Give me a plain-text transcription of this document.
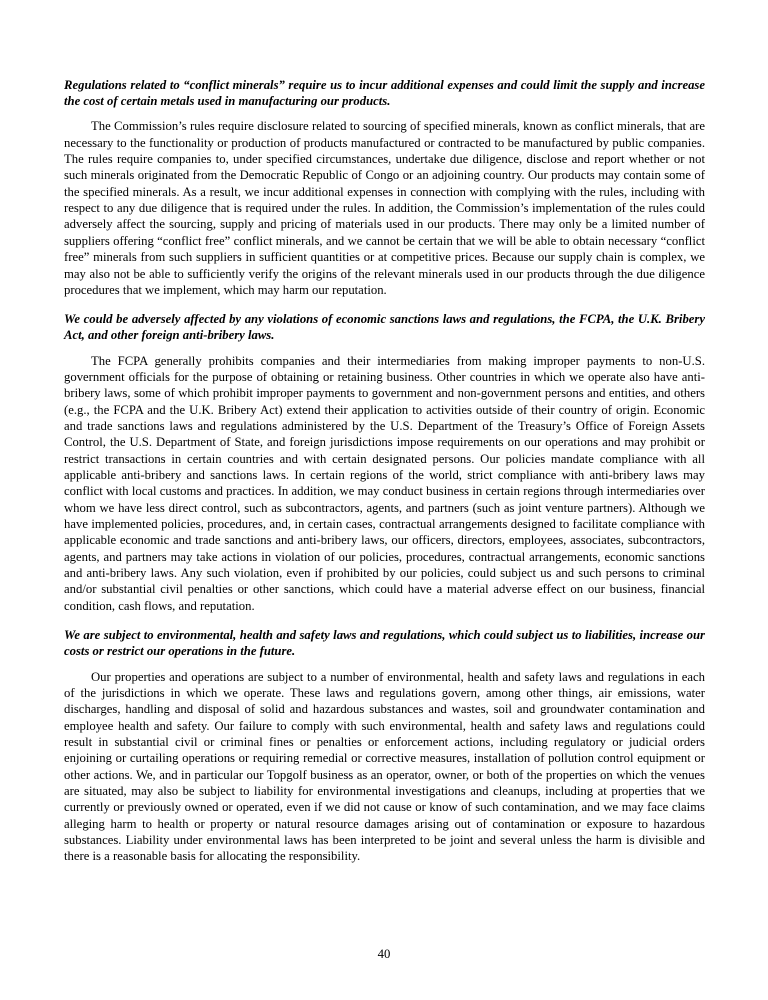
Regulations related to “conflict minerals” require us to incur additional expenses and could limit the supply and increase the cost of certain metals used in manufacturing our products.

The Commission’s rules require disclosure related to sourcing of specified minerals, known as conflict minerals, that are necessary to the functionality or production of products manufactured or contracted to be manufactured by public companies. The rules require companies to, under specified circumstances, undertake due diligence, disclose and report whether or not such minerals originated from the Democratic Republic of Congo or an adjoining country. Our products may contain some of the specified minerals. As a result, we incur additional expenses in connection with complying with the rules, including with respect to any due diligence that is required under the rules. In addition, the Commission’s implementation of the rules could adversely affect the sourcing, supply and pricing of materials used in our products. There may only be a limited number of suppliers offering “conflict free” conflict minerals, and we cannot be certain that we will be able to obtain necessary “conflict free” minerals from such suppliers in sufficient quantities or at competitive prices. Because our supply chain is complex, we may also not be able to sufficiently verify the origins of the relevant minerals used in our products through the due diligence procedures that we implement, which may harm our reputation.

We could be adversely affected by any violations of economic sanctions laws and regulations, the FCPA, the U.K. Bribery Act, and other foreign anti-bribery laws.

The FCPA generally prohibits companies and their intermediaries from making improper payments to non-U.S. government officials for the purpose of obtaining or retaining business. Other countries in which we operate also have anti-bribery laws, some of which prohibit improper payments to government and non-government persons and entities, and others (e.g., the FCPA and the U.K. Bribery Act) extend their application to activities outside of their country of origin. Economic and trade sanctions laws and regulations administered by the U.S. Department of the Treasury’s Office of Foreign Assets Control, the U.S. Department of State, and foreign jurisdictions impose requirements on our operations and may prohibit or restrict transactions in certain countries and with certain designated persons. Our policies mandate compliance with all applicable anti-bribery and sanctions laws. In certain regions of the world, strict compliance with anti-bribery laws may conflict with local customs and practices. In addition, we may conduct business in certain regions through intermediaries over whom we have less direct control, such as subcontractors, agents, and partners (such as joint venture partners). Although we have implemented policies, procedures, and, in certain cases, contractual arrangements designed to facilitate compliance with applicable economic and trade sanctions and anti-bribery laws, our officers, directors, employees, associates, subcontractors, agents, and partners may take actions in violation of our policies, procedures, contractual arrangements, economic sanctions and anti-bribery laws. Any such violation, even if prohibited by our policies, could subject us and such persons to criminal and/or substantial civil penalties or other sanctions, which could have a material adverse effect on our business, financial condition, cash flows, and reputation.

We are subject to environmental, health and safety laws and regulations, which could subject us to liabilities, increase our costs or restrict our operations in the future.

Our properties and operations are subject to a number of environmental, health and safety laws and regulations in each of the jurisdictions in which we operate. These laws and regulations govern, among other things, air emissions, water discharges, handling and disposal of solid and hazardous substances and wastes, soil and groundwater contamination and employee health and safety. Our failure to comply with such environmental, health and safety laws and regulations could result in substantial civil or criminal fines or penalties or enforcement actions, including regulatory or judicial orders enjoining or curtailing operations or requiring remedial or corrective measures, installation of pollution control equipment or other actions. We, and in particular our Topgolf business as an operator, owner, or both of the properties on which the venues are situated, may also be subject to liability for environmental investigations and cleanups, including at properties that we currently or previously owned or operated, even if we did not cause or know of such contamination, and we may face claims alleging harm to health or property or natural resource damages arising out of contamination or exposure to hazardous substances. Liability under environmental laws has been interpreted to be joint and several unless the harm is divisible and there is a reasonable basis for allocating the responsibility.

40
